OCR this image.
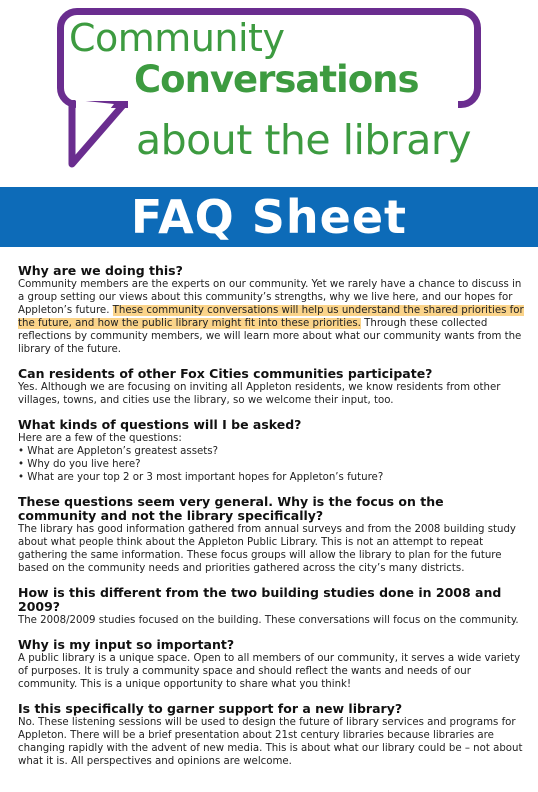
Community
Conversations
about the library
FAQ Sheet

Why are we doing this?

Community members are the experts on our community. Yet we rarely have a chance to discuss in a group setting our views about this community’s strengths, why we live here, and our hopes for Appleton’s future. These community conversations will help us understand the shared priorities for the future, and how the public library might fit into these priorities. Through these collected reflections by community members, we will learn more about what our community wants from the library of the future.

Can residents of other Fox Cities communities participate?

Yes. Although we are focusing on inviting all Appleton residents, we know residents from other villages, towns, and cities use the library, so we welcome their input, too.

What kinds of questions will I be asked?

Here are a few of the questions:

• What are Appleton’s greatest assets?
• Why do you live here?
• What are your top 2 or 3 most important hopes for Appleton’s future?

These questions seem very general. Why is the focus on the community and not the library specifically?

The library has good information gathered from annual surveys and from the 2008 building study about what people think about the Appleton Public Library. This is not an attempt to repeat gathering the same information. These focus groups will allow the library to plan for the future based on the community needs and priorities gathered across the city’s many districts.

How is this different from the two building studies done in 2008 and 2009?

The 2008/2009 studies focused on the building. These conversations will focus on the community.

Why is my input so important?

A public library is a unique space. Open to all members of our community, it serves a wide variety of purposes. It is truly a community space and should reflect the wants and needs of our community. This is a unique opportunity to share what you think!

Is this specifically to garner support for a new library?

No. These listening sessions will be used to design the future of library services and programs for Appleton. There will be a brief presentation about 21st century libraries because libraries are changing rapidly with the advent of new media. This is about what our library could be – not about what it is. All perspectives and opinions are welcome.
